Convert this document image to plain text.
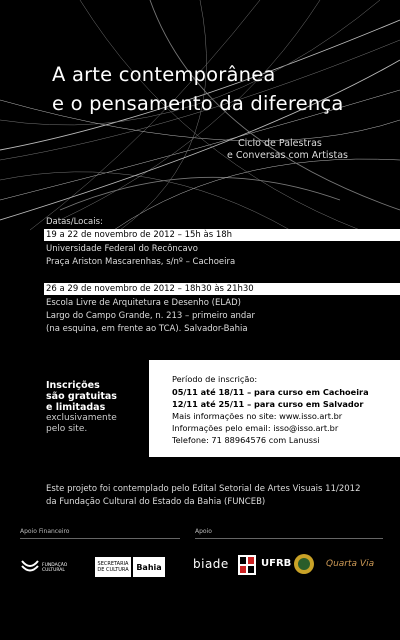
A arte contemporânea
e o pensamento da diferença
Ciclo de Palestras
e Conversas com Artistas
Datas/Locais:
19 a 22 de novembro de 2012 – 15h às 18h
Universidade Federal do Recôncavo
Praça Ariston Mascarenhas, s/nº – Cachoeira
26 a 29 de novembro de 2012 – 18h30 às 21h30
Escola Livre de Arquitetura e Desenho (ELAD)
Largo do Campo Grande, n. 213 – primeiro andar
(na esquina, em frente ao TCA). Salvador-Bahia
Inscrições
são gratuitas
e limitadas
exclusivamente
pelo site.
Período de inscrição:
05/11 até 18/11 – para curso em Cachoeira
12/11 até 25/11 – para curso em Salvador
Mais informações no site: www.isso.art.br
Informações pelo email: isso@isso.art.br
Telefone: 71 88964576 com Lanussi
Este projeto foi contemplado pelo Edital Setorial de Artes Visuais 11/2012
da Fundação Cultural do Estado da Bahia (FUNCEB)
Apoio Financeiro	Apoio
FUNDAÇÃO CULTURAL
SECRETARIA DE CULTURA Bahia	biade	UFRB	Quarta Via
